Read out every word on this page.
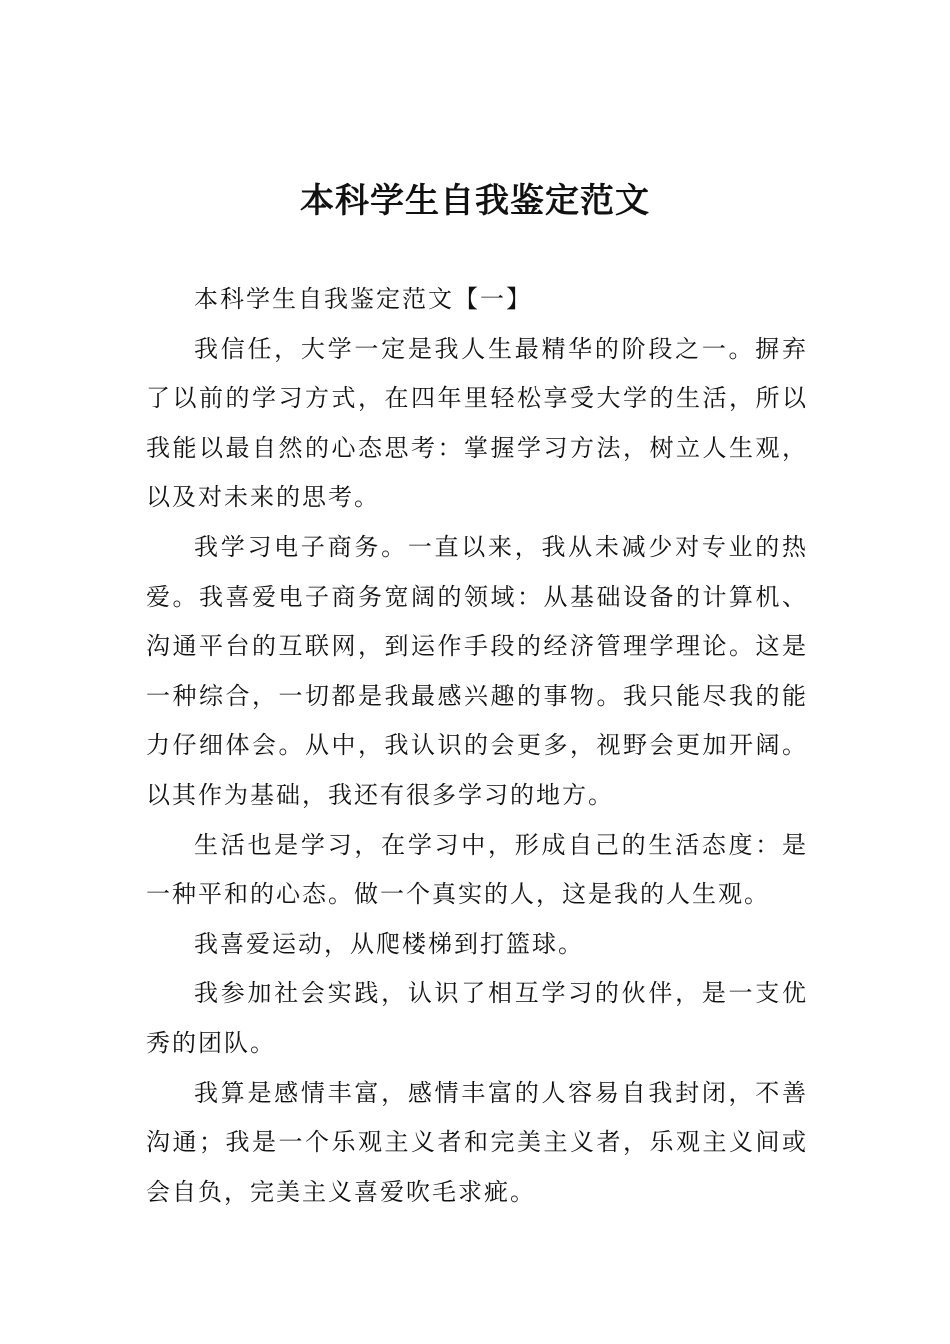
本科学生自我鉴定范文

本科学生自我鉴定范文【一】

我信任，大学一定是我人生最精华的阶段之一。摒弃了以前的学习方式，在四年里轻松享受大学的生活，所以我能以最自然的心态思考：掌握学习方法，树立人生观，以及对未来的思考。

我学习电子商务。一直以来，我从未减少对专业的热爱。我喜爱电子商务宽阔的领域：从基础设备的计算机、沟通平台的互联网，到运作手段的经济管理学理论。这是一种综合，一切都是我最感兴趣的事物。我只能尽我的能力仔细体会。从中，我认识的会更多，视野会更加开阔。以其作为基础，我还有很多学习的地方。

生活也是学习，在学习中，形成自己的生活态度：是一种平和的心态。做一个真实的人，这是我的人生观。

我喜爱运动，从爬楼梯到打篮球。

我参加社会实践，认识了相互学习的伙伴，是一支优秀的团队。

我算是感情丰富，感情丰富的人容易自我封闭，不善沟通；我是一个乐观主义者和完美主义者，乐观主义间或会自负，完美主义喜爱吹毛求疵。
